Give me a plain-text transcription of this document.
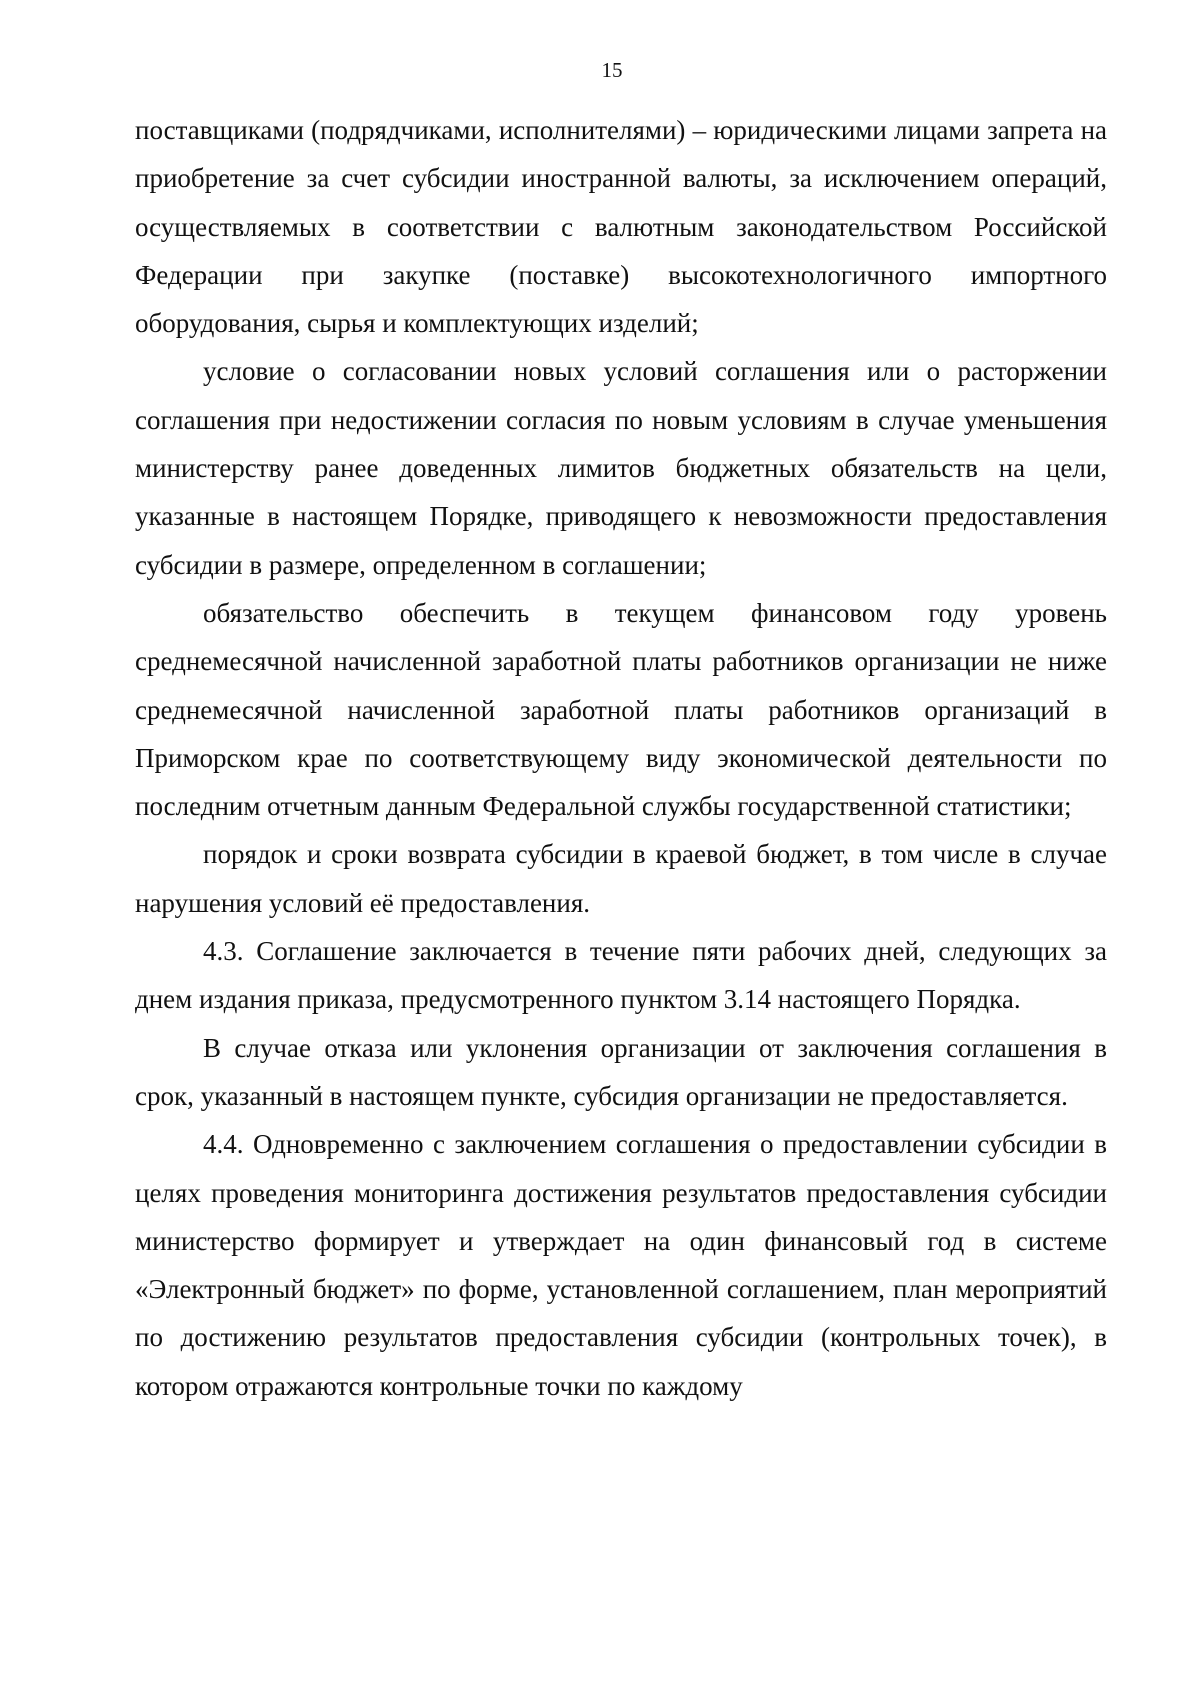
15

поставщиками (подрядчиками, исполнителями) – юридическими лицами запрета на приобретение за счет субсидии иностранной валюты, за исключением операций, осуществляемых в соответствии с валютным законодательством Российской Федерации при закупке (поставке) высокотехнологичного импортного оборудования, сырья и комплектующих изделий;

условие о согласовании новых условий соглашения или о расторжении соглашения при недостижении согласия по новым условиям в случае уменьшения министерству ранее доведенных лимитов бюджетных обязательств на цели, указанные в настоящем Порядке, приводящего к невозможности предоставления субсидии в размере, определенном в соглашении;

обязательство обеспечить в текущем финансовом году уровень среднемесячной начисленной заработной платы работников организации не ниже среднемесячной начисленной заработной платы работников организаций в Приморском крае по соответствующему виду экономической деятельности по последним отчетным данным Федеральной службы государственной статистики;

порядок и сроки возврата субсидии в краевой бюджет, в том числе в случае нарушения условий её предоставления.

4.3. Соглашение заключается в течение пяти рабочих дней, следующих за днем издания приказа, предусмотренного пунктом 3.14 настоящего Порядка.

В случае отказа или уклонения организации от заключения соглашения в срок, указанный в настоящем пункте, субсидия организации не предоставляется.

4.4. Одновременно с заключением соглашения о предоставлении субсидии в целях проведения мониторинга достижения результатов предоставления субсидии министерство формирует и утверждает на один финансовый год в системе «Электронный бюджет» по форме, установленной соглашением, план мероприятий по достижению результатов предоставления субсидии (контрольных точек), в котором отражаются контрольные точки по каждому
